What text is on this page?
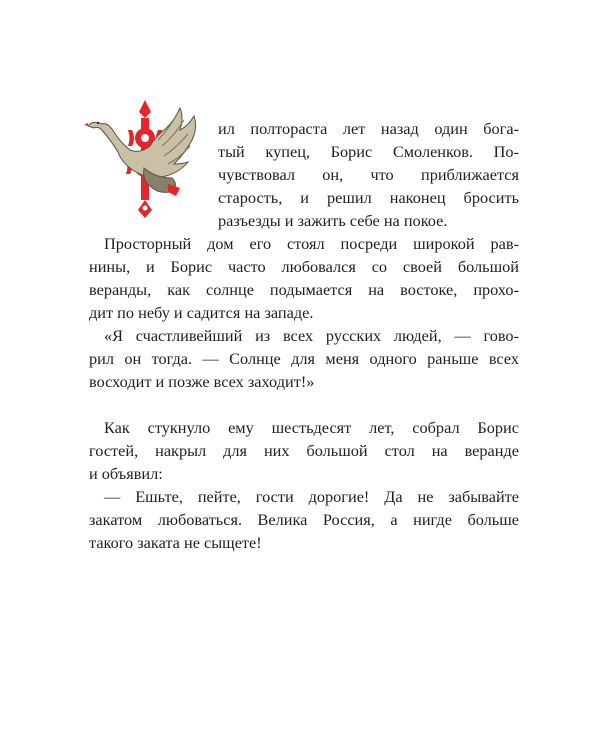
ил полтораста лет назад один бога-
тый купец, Борис Смоленков. По-
чувствовал он, что приближается
старость, и решил наконец бросить
разъезды и зажить себе на покое.
Просторный дом его стоял посреди широкой рав-
нины, и Борис часто любовался со своей большой
веранды, как солнце подымается на востоке, прохо-
дит по небу и садится на западе.
«Я счастливейший из всех русских людей, — гово-
рил он тогда. — Солнце для меня одного раньше всех
восходит и позже всех заходит!»
Как стукнуло ему шестьдесят лет, собрал Борис
гостей, накрыл для них большой стол на веранде
и объявил:
— Ешьте, пейте, гости дорогие! Да не забывайте
закатом любоваться. Велика Россия, а нигде больше
такого заката не сыщете!
